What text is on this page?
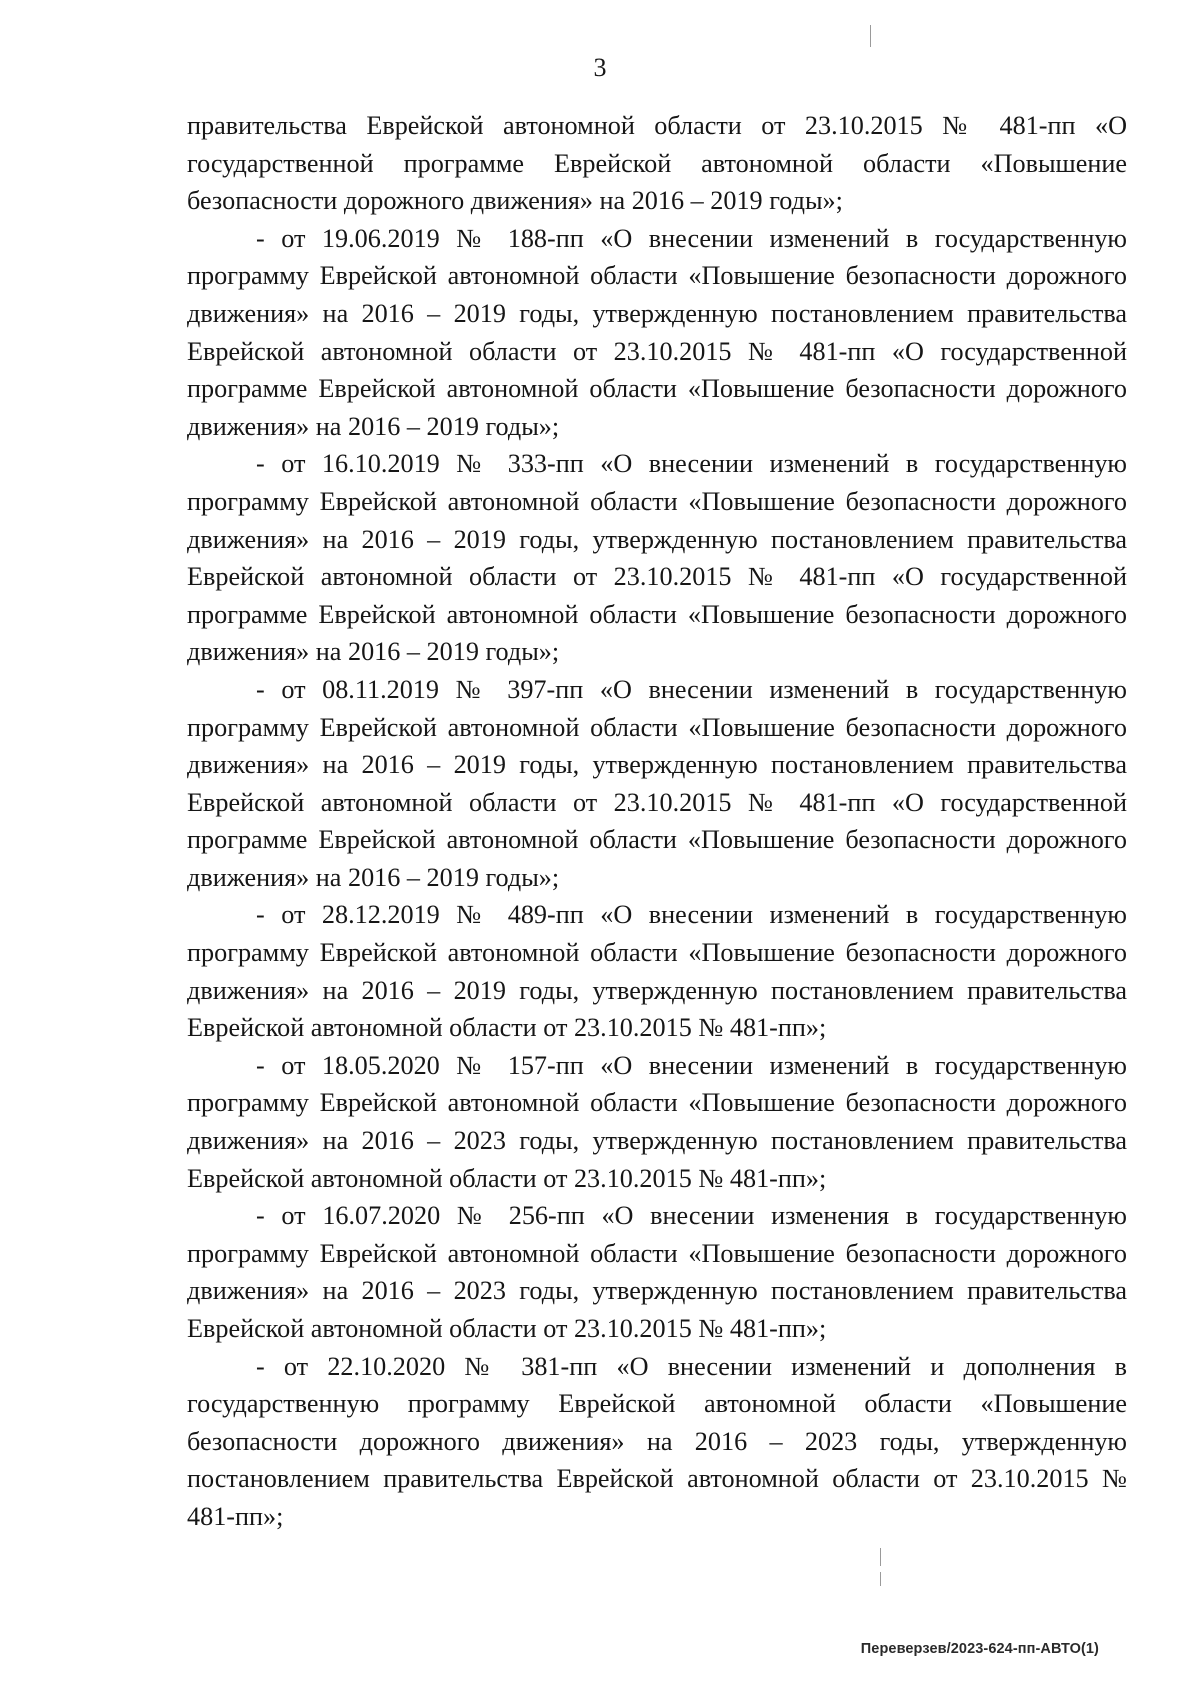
3

правительства Еврейской автономной области от 23.10.2015 № 481-пп «О государственной программе Еврейской автономной области «Повышение безопасности дорожного движения» на 2016 – 2019 годы»;

- от 19.06.2019 № 188-пп «О внесении изменений в государственную программу Еврейской автономной области «Повышение безопасности дорожного движения» на 2016 – 2019 годы, утвержденную постановлением правительства Еврейской автономной области от 23.10.2015 № 481-пп «О государственной программе Еврейской автономной области «Повышение безопасности дорожного движения» на 2016 – 2019 годы»;

- от 16.10.2019 № 333-пп «О внесении изменений в государственную программу Еврейской автономной области «Повышение безопасности дорожного движения» на 2016 – 2019 годы, утвержденную постановлением правительства Еврейской автономной области от 23.10.2015 № 481-пп «О государственной программе Еврейской автономной области «Повышение безопасности дорожного движения» на 2016 – 2019 годы»;

- от 08.11.2019 № 397-пп «О внесении изменений в государственную программу Еврейской автономной области «Повышение безопасности дорожного движения» на 2016 – 2019 годы, утвержденную постановлением правительства Еврейской автономной области от 23.10.2015 № 481-пп «О государственной программе Еврейской автономной области «Повышение безопасности дорожного движения» на 2016 – 2019 годы»;

- от 28.12.2019 № 489-пп «О внесении изменений в государственную программу Еврейской автономной области «Повышение безопасности дорожного движения» на 2016 – 2019 годы, утвержденную постановлением правительства Еврейской автономной области от 23.10.2015 № 481-пп»;

- от 18.05.2020 № 157-пп «О внесении изменений в государственную программу Еврейской автономной области «Повышение безопасности дорожного движения» на 2016 – 2023 годы, утвержденную постановлением правительства Еврейской автономной области от 23.10.2015 № 481-пп»;

- от 16.07.2020 № 256-пп «О внесении изменения в государственную программу Еврейской автономной области «Повышение безопасности дорожного движения» на 2016 – 2023 годы, утвержденную постановлением правительства Еврейской автономной области от 23.10.2015 № 481-пп»;

- от 22.10.2020 № 381-пп «О внесении изменений и дополнения в государственную программу Еврейской автономной области «Повышение безопасности дорожного движения» на 2016 – 2023 годы, утвержденную постановлением правительства Еврейской автономной области от 23.10.2015 № 481-пп»;

Переверзев/2023-624-пп-АВТО(1)
